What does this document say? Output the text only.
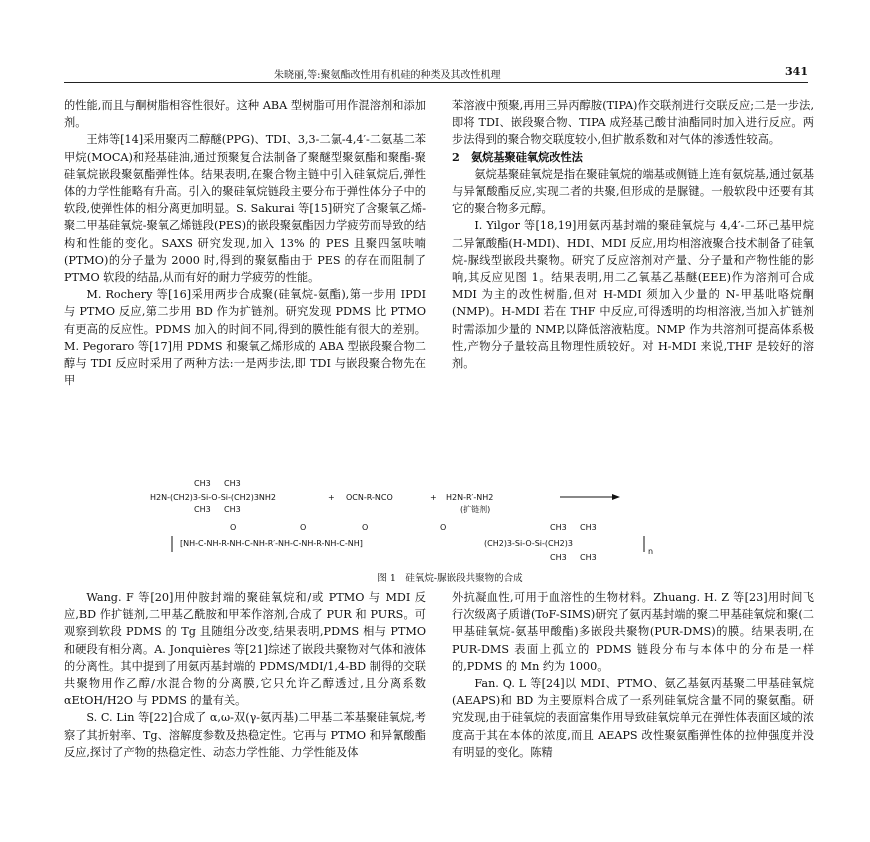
朱晓丽,等:聚氨酯改性用有机硅的种类及其改性机理	341

的性能,而且与酮树脂相容性很好。这种 ABA 型树脂可用作混溶剂和添加剂。

王炜等[14]采用聚丙二醇醚(PPG)、TDI、3,3-二氯-4,4′-二氨基二苯甲烷(MOCA)和羟基硅油,通过预聚复合法制备了聚醚型聚氨酯和聚酯-聚硅氧烷嵌段聚氨酯弹性体。结果表明,在聚合物主链中引入硅氧烷后,弹性体的力学性能略有升高。引入的聚硅氧烷链段主要分布于弹性体分子中的软段,使弹性体的相分离更加明显。S. Sakurai 等[15]研究了含聚氧乙烯-聚二甲基硅氧烷-聚氧乙烯链段(PES)的嵌段聚氨酯因力学疲劳而导致的结构和性能的变化。SAXS 研究发现,加入 13% 的 PES 且聚四氢呋喃(PTMO)的分子量为 2000 时,得到的聚氨酯由于 PES 的存在而阻制了 PTMO 软段的结晶,从而有好的耐力学疲劳的性能。

M. Rochery 等[16]采用两步合成聚(硅氧烷-氨酯),第一步用 IPDI 与 PTMO 反应,第二步用 BD 作为扩链剂。研究发现 PDMS 比 PTMO 有更高的反应性。PDMS 加入的时间不同,得到的膜性能有很大的差别。M. Pegoraro 等[17]用 PDMS 和聚氧乙烯形成的 ABA 型嵌段聚合物二醇与 TDI 反应时采用了两种方法:一是两步法,即 TDI 与嵌段聚合物先在甲

苯溶液中预聚,再用三异丙醇胺(TIPA)作交联剂进行交联反应;二是一步法,即将 TDI、嵌段聚合物、TIPA 成羟基己酸甘油酯同时加入进行反应。两步法得到的聚合物交联度较小,但扩散系数和对气体的渗透性较高。

2　氨烷基聚硅氧烷改性法

氨烷基聚硅氧烷是指在聚硅氧烷的端基或侧链上连有氨烷基,通过氨基与异氰酸酯反应,实现二者的共聚,但形成的是脲键。一般软段中还要有其它的聚合物多元醇。

I. Yilgor 等[18,19]用氨丙基封端的聚硅氧烷与 4,4′-二环己基甲烷二异氰酸酯(H-MDI)、HDI、MDI 反应,用均相溶液聚合技术制备了硅氧烷-脲线型嵌段共聚物。研究了反应溶剂对产量、分子量和产物性能的影响,其反应见图 1。结果表明,用二乙氧基乙基醚(EEE)作为溶剂可合成 MDI 为主的改性树脂,但对 H-MDI 须加入少量的 N-甲基吡咯烷酮(NMP)。H-MDI 若在 THF 中反应,可得透明的均相溶液,当加入扩链剂时需添加少量的 NMP,以降低溶液粘度。NMP 作为共溶剂可提高体系极性,产物分子量较高且物理性质较好。对 H-MDI 来说,THF 是较好的溶剂。

CH3 CH3
H2N-(CH2)3-Si-O-Si-(CH2)3NH2
CH3 CH3
+ OCN-R-NCO	+ H2N-R′-NH2
(扩链剂)
O	O	O	O	CH3 CH3
[NH-C-NH-R-NH-C-NH-R′-NH-C-NH-R-NH-C-NH]	(CH2)3-Si-O-Si-(CH2)3
CH3 CH3
n
图 1　硅氧烷-脲嵌段共聚物的合成

Wang. F 等[20]用仲胺封端的聚硅氧烷和/或 PTMO 与 MDI 反应,BD 作扩链剂,二甲基乙酰胺和甲苯作溶剂,合成了 PUR 和 PURS。可观察到软段 PDMS 的 Tg 且随组分改变,结果表明,PDMS 相与 PTMO 和硬段有相分离。A. Jonquières 等[21]综述了嵌段共聚物对气体和液体的分离性。其中提到了用氨丙基封端的 PDMS/MDI/1,4-BD 制得的交联共聚物用作乙醇/水混合物的分离膜,它只允许乙醇透过,且分离系数 αEtOH/H2O 与 PDMS 的量有关。

S. C. Lin 等[22]合成了 α,ω-双(γ-氨丙基)二甲基二苯基聚硅氧烷,考察了其折射率、Tg、溶解度参数及热稳定性。它再与 PTMO 和异氰酸酯反应,探讨了产物的热稳定性、动态力学性能、力学性能及体

外抗凝血性,可用于血溶性的生物材料。Zhuang. H. Z 等[23]用时间飞行次级离子质谱(ToF-SIMS)研究了氨丙基封端的聚二甲基硅氧烷和聚(二甲基硅氧烷-氨基甲酸酯)多嵌段共聚物(PUR-DMS)的膜。结果表明,在 PUR-DMS 表面上孤立的 PDMS 链段分布与本体中的分布是一样的,PDMS 的 Mn 约为 1000。

Fan. Q. L 等[24]以 MDI、PTMO、氨乙基氨丙基聚二甲基硅氧烷(AEAPS)和 BD 为主要原料合成了一系列硅氧烷含量不同的聚氨酯。研究发现,由于硅氧烷的表面富集作用导致硅氧烷单元在弹性体表面区域的浓度高于其在本体的浓度,而且 AEAPS 改性聚氨酯弹性体的拉伸强度并没有明显的变化。陈精
